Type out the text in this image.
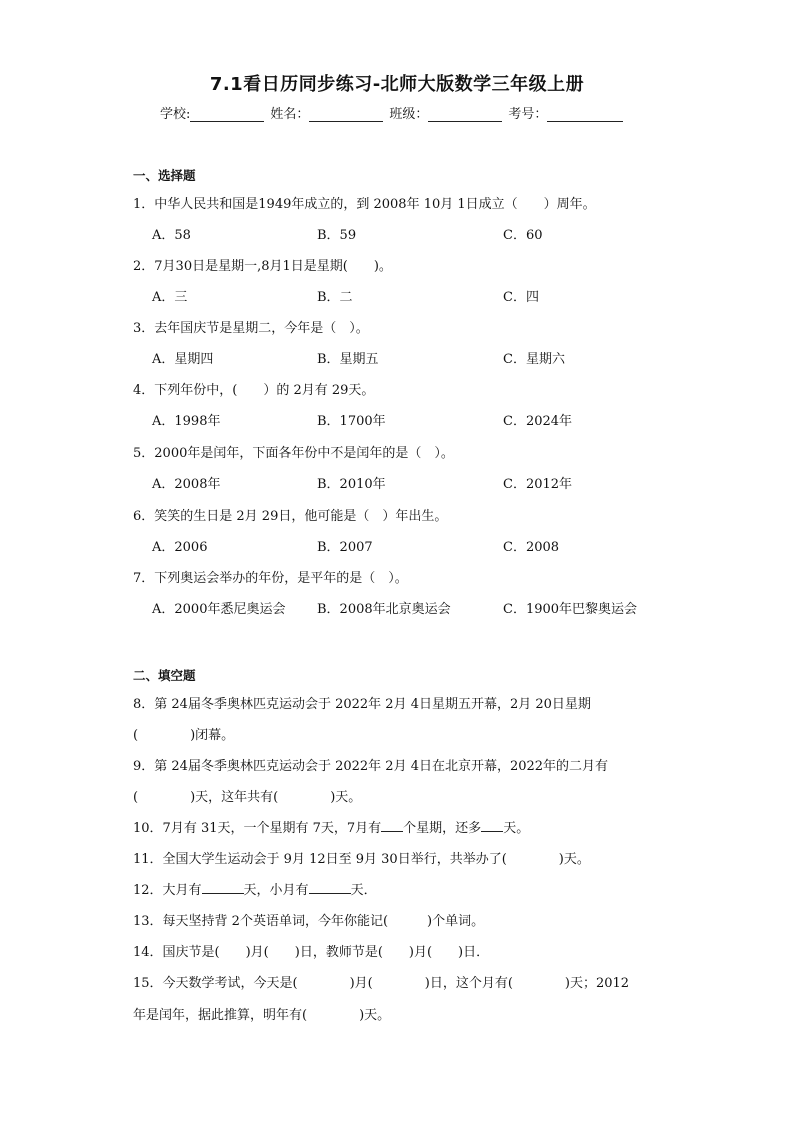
7.1看日历同步练习-北师大版数学三年级上册
学校:	姓名：	班级：	考号：
一、选择题
1．中华人民共和国是1949年成立的，到 2008年 10月 1日成立（　　）周年。
A．58	B．59	C．60
2．7月30日是星期一,8月1日是星期(　　)。
A．三	B．二	C．四
3．去年国庆节是星期二，今年是（　）。
A．星期四	B．星期五	C．星期六
4．下列年份中，(　　）的 2月有 29天。
A．1998年	B．1700年	C．2024年
5．2000年是闰年，下面各年份中不是闰年的是（　）。
A．2008年	B．2010年	C．2012年
6．笑笑的生日是 2月 29日，他可能是（　）年出生。
A．2006	B．2007	C．2008
7．下列奥运会举办的年份，是平年的是（　）。
A．2000年悉尼奥运会 B．2008年北京奥运会	C．1900年巴黎奥运会
二、填空题
8．第 24届冬季奥林匹克运动会于 2022年 2月 4日星期五开幕，2月 20日星期
(　　　　)闭幕。
9．第 24届冬季奥林匹克运动会于 2022年 2月 4日在北京开幕，2022年的二月有
(　　　　)天，这年共有(　　　　)天。
10．7月有 31天，一个星期有 7天，7月有 个星期，还多 天。
11．全国大学生运动会于 9月 12日至 9月 30日举行，共举办了(　　　　)天。
12．大月有	天，小月有	天．
13．每天坚持背 2个英语单词，今年你能记(　　　)个单词。
14．国庆节是(　　)月(　　)日，教师节是(　　)月(　　)日．
15．今天数学考试，今天是(　　　　)月(　　　　)日，这个月有(　　　　)天；2012
年是闰年，据此推算，明年有(　　　　)天。
